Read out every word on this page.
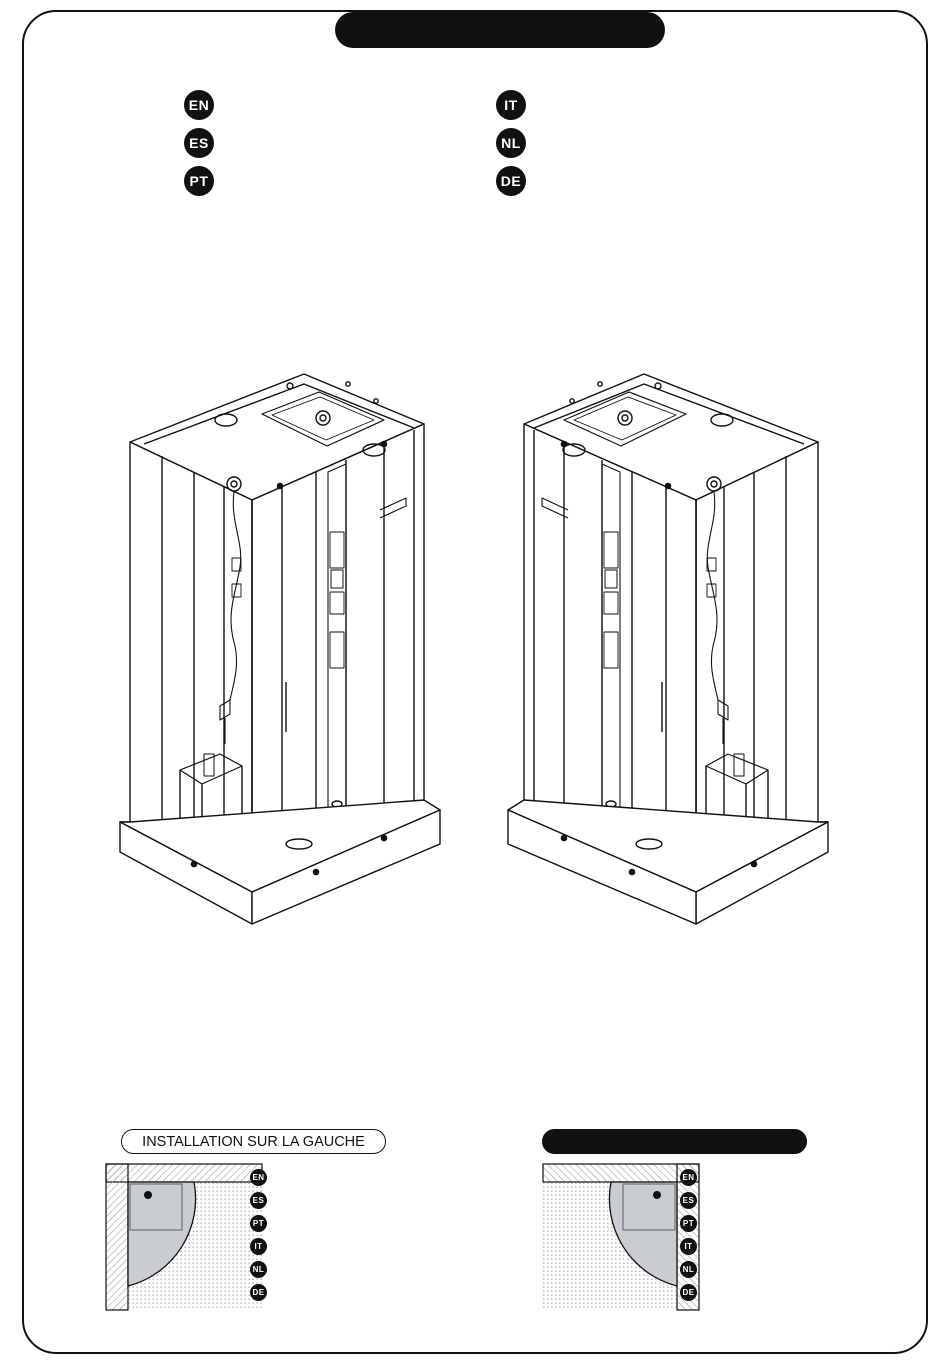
EN
ES
PT
IT
NL
DE
INSTALLATION SUR LA GAUCHE
EN
ES
PT
IT
NL
DE
EN
ES
PT
IT
NL
DE
